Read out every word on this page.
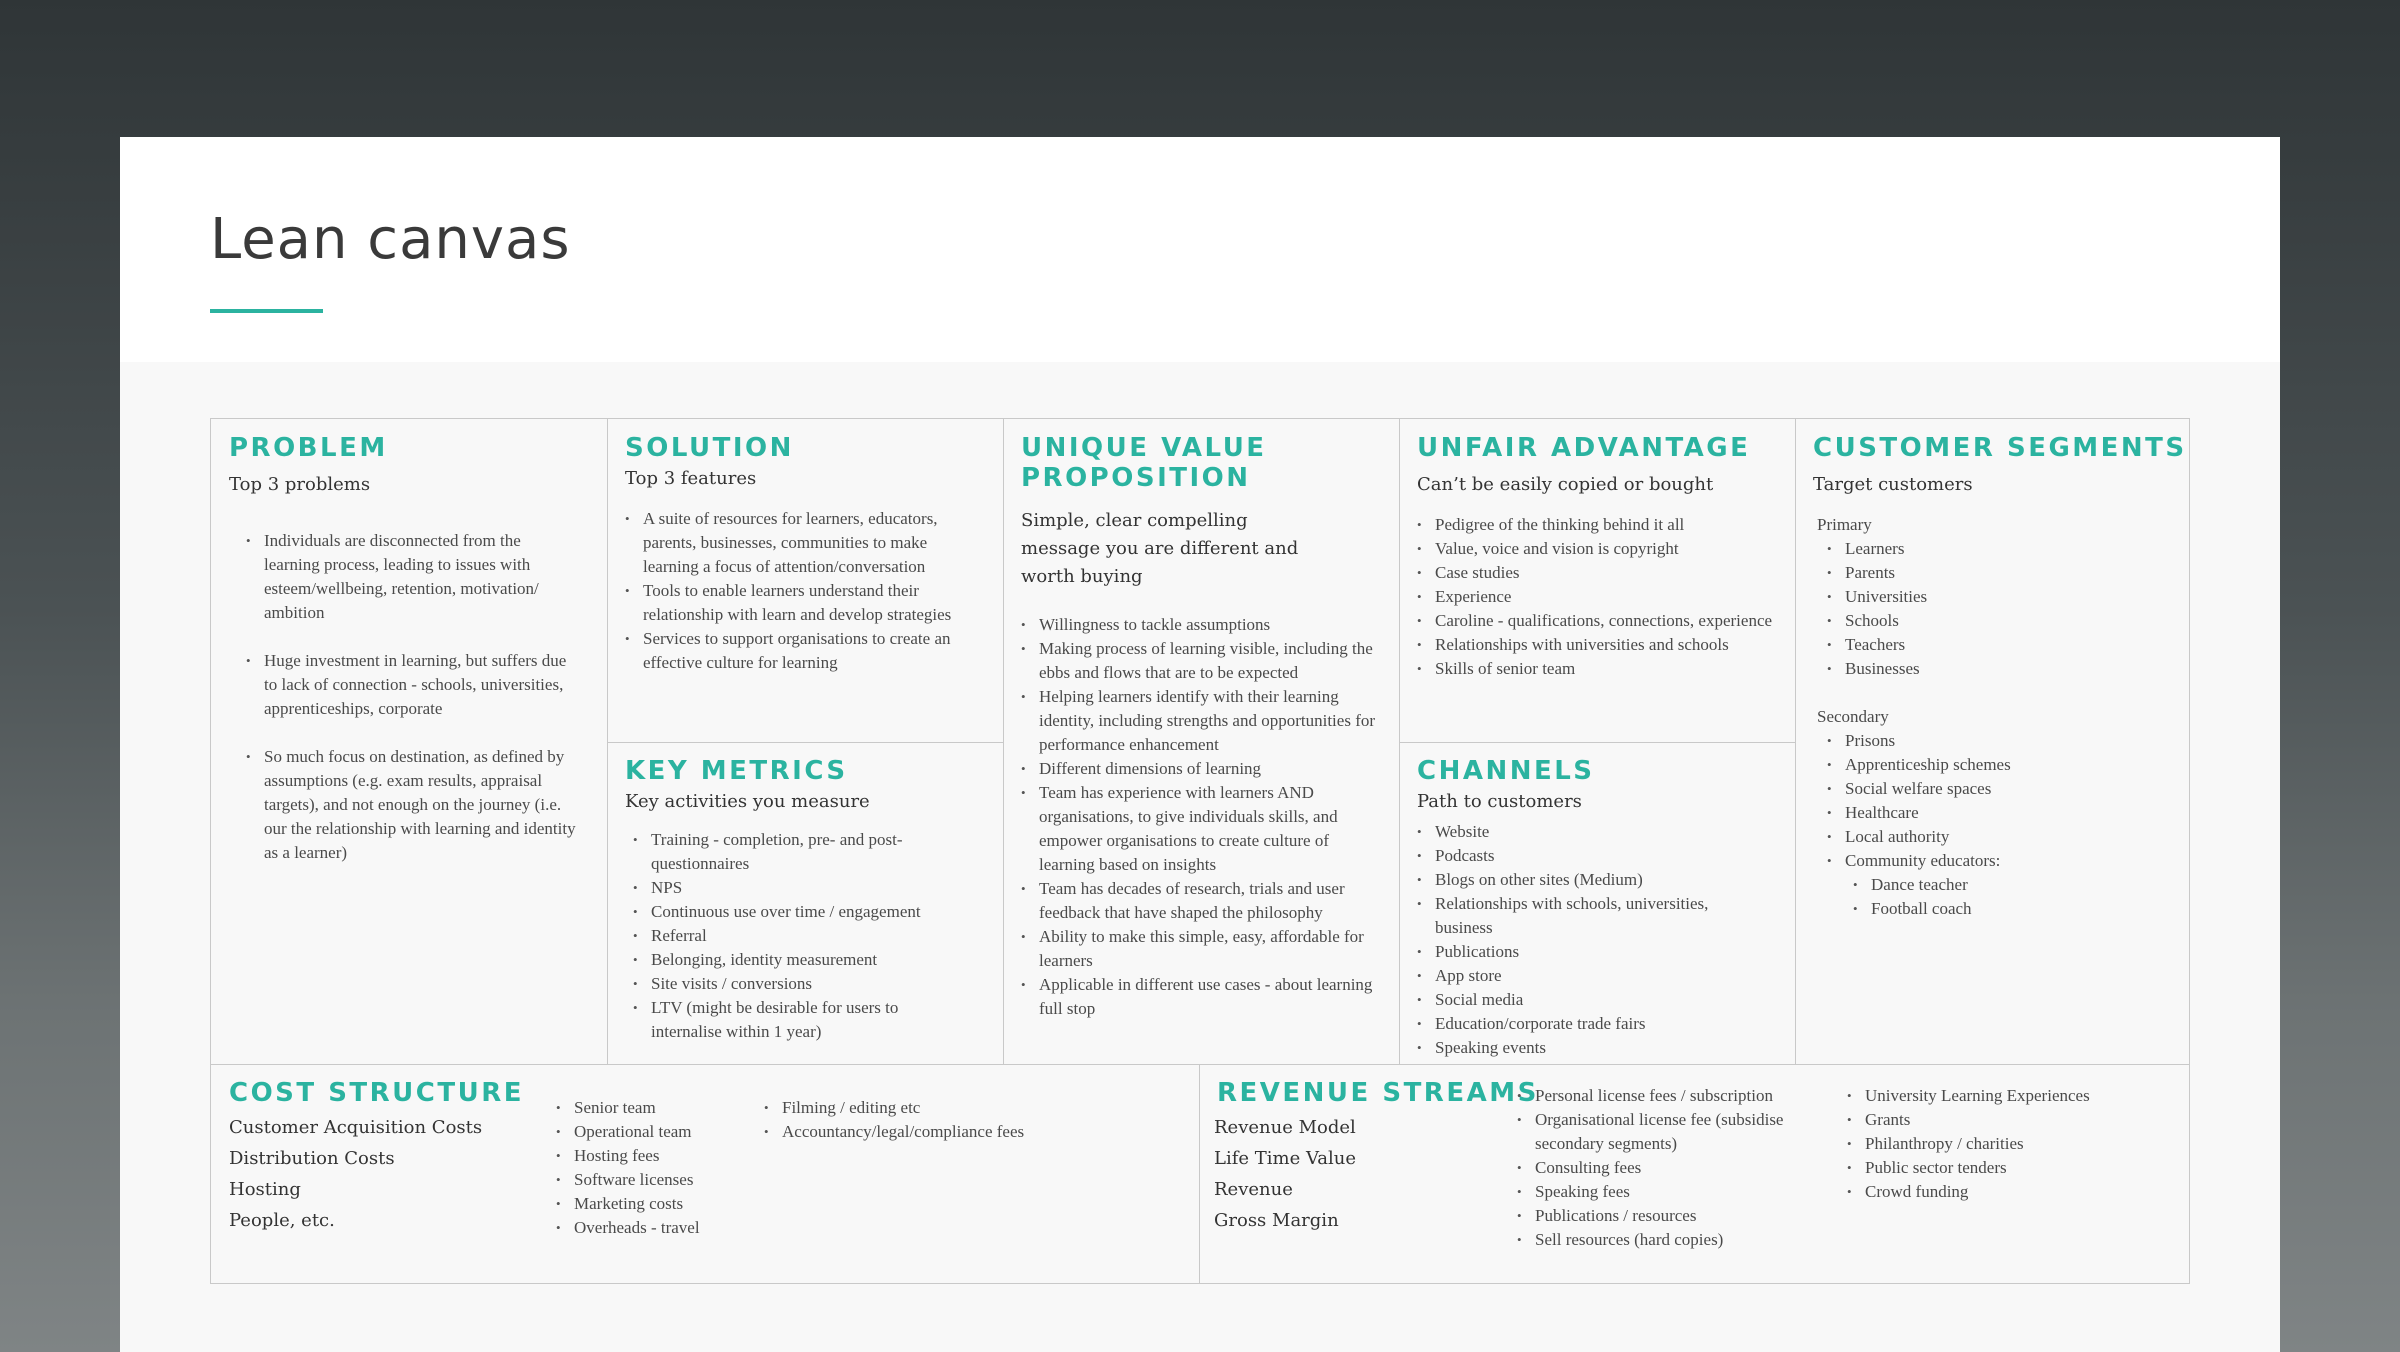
Lean canvas
PROBLEM
Top 3 problems
• Individuals are disconnected from the learning process, leading to issues with esteem/wellbeing, retention, motivation/ ambition
• Huge investment in learning, but suffers due to lack of connection - schools, universities, apprenticeships, corporate
• So much focus on destination, as defined by assumptions (e.g. exam results, appraisal targets), and not enough on the journey (i.e. our the relationship with learning and identity as a learner)
SOLUTION
Top 3 features
• A suite of resources for learners, educators, parents, businesses, communities to make learning a focus of attention/conversation
• Tools to enable learners understand their relationship with learn and develop strategies
• Services to support organisations to create an effective culture for learning
KEY METRICS
Key activities you measure
• Training - completion, pre- and post-questionnaires
• NPS
• Continuous use over time / engagement
• Referral
• Belonging, identity measurement
• Site visits / conversions
• LTV (might be desirable for users to internalise within 1 year)
UNIQUE VALUE
PROPOSITION
Simple, clear compelling message you are different and worth buying
• Willingness to tackle assumptions
• Making process of learning visible, including the ebbs and flows that are to be expected
• Helping learners identify with their learning identity, including strengths and opportunities for performance enhancement
• Different dimensions of learning
• Team has experience with learners AND organisations, to give individuals skills, and empower organisations to create culture of learning based on insights
• Team has decades of research, trials and user feedback that have shaped the philosophy
• Ability to make this simple, easy, affordable for learners
• Applicable in different use cases - about learning full stop
UNFAIR ADVANTAGE
Can’t be easily copied or bought
• Pedigree of the thinking behind it all
• Value, voice and vision is copyright
• Case studies
• Experience
• Caroline - qualifications, connections, experience
• Relationships with universities and schools
• Skills of senior team
CHANNELS
Path to customers
• Website
• Podcasts
• Blogs on other sites (Medium)
• Relationships with schools, universities, business
• Publications
• App store
• Social media
• Education/corporate trade fairs
• Speaking events
CUSTOMER SEGMENTS
Target customers
Primary
• Learners
• Parents
• Universities
• Schools
• Teachers
• Businesses
Secondary
• Prisons
• Apprenticeship schemes
• Social welfare spaces
• Healthcare
• Local authority
• Community educators:
• Dance teacher
• Football coach
COST STRUCTURE
Customer Acquisition Costs
Distribution Costs
Hosting
People, etc.
• Senior team
• Operational team
• Hosting fees
• Software licenses
• Marketing costs
• Overheads - travel
• Filming / editing etc
• Accountancy/legal/compliance fees
REVENUE STREAMS
Revenue Model
Life Time Value
Revenue
Gross Margin
• Personal license fees / subscription
• Organisational license fee (subsidise secondary segments)
• Consulting fees
• Speaking fees
• Publications / resources
• Sell resources (hard copies)
• University Learning Experiences
• Grants
• Philanthropy / charities
• Public sector tenders
• Crowd funding
